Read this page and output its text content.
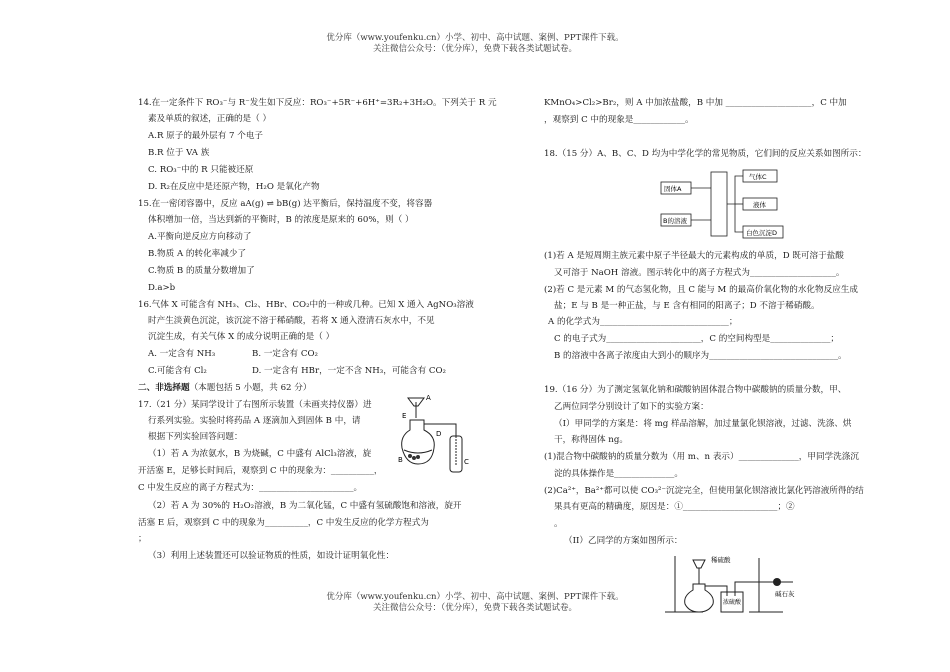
优分库（www.youfenku.cn）小学、初中、高中试题、案例、PPT课件下载。
关注微信公众号：（优分库），免费下载各类试题试卷。
优分库（www.youfenku.cn）小学、初中、高中试题、案例、PPT课件下载。
关注微信公众号：（优分库），免费下载各类试题试卷。
14.在一定条件下 RO₃⁻与 R⁻发生如下反应：RO₃⁻+5R⁻+6H⁺=3R₂+3H₂O。下列关于 R 元
素及单质的叙述，正确的是（ ）
A.R 原子的最外层有 7 个电子
B.R 位于 VA 族
C. RO₃⁻中的 R 只能被还原
D. R₂在反应中是还原产物，H₂O 是氧化产物
15.在一密闭容器中，反应 aA(g) ⇌ bB(g) 达平衡后，保持温度不变，将容器
体积增加一倍，当达到新的平衡时，B 的浓度是原来的 60%，则（ ）
A.平衡向逆反应方向移动了
B.物质 A 的转化率减少了
C.物质 B 的质量分数增加了
D.a>b
16.气体 X 可能含有 NH₃、Cl₂、HBr、CO₂中的一种或几种。已知 X 通入 AgNO₃溶液
时产生淡黄色沉淀，该沉淀不溶于稀硝酸，若将 X 通入澄清石灰水中，不见
沉淀生成，有关气体 X 的成分说明正确的是（ ）
A. 一定含有 NH₃	B. 一定含有 CO₂
C.可能含有 Cl₂	D. 一定含有 HBr，一定不含 NH₃，可能含有 CO₂
二、非选择题（本题包括 5 小题，共 62 分）
17.（21 分）某同学设计了右图所示装置（未画夹持仪器）进
行系列实验。实验时将药品 A 逐滴加入到固体 B 中，请
根据下列实验回答问题：
（1）若 A 为浓氨水，B 为烧碱，C 中盛有 AlCl₃溶液，旋
开活塞 E，足够长时间后，观察到 C 中的现象为：__________，
C 中发生反应的离子方程式为：______________________。
（2）若 A 为 30%的 H₂O₂溶液，B 为二氧化锰，C 中盛有氢硫酸饱和溶液，旋开
活塞 E 后，观察到 C 中的现象为__________，C 中发生反应的化学方程式为
；
（3）利用上述装置还可以验证物质的性质，如设计证明氧化性：
A
E
D
B	C
KMnO₄>Cl₂>Br₂，则 A 中加浓盐酸，B 中加 ____________________，C 中加
，观察到 C 中的现象是____________。
18.（15 分）A、B、C、D 均为中学化学的常见物质，它们间的反应关系如图所示：
固体A
B的溶液
气体C
液体
白色沉淀D
(1)若 A 是短周期主族元素中原子半径最大的元素构成的单质，D 既可溶于盐酸
又可溶于 NaOH 溶液。图示转化中的离子方程式为____________________。
(2)若 C 是元素 M 的气态氢化物，且 C 能与 M 的最高价氧化物的水化物反应生成
盐；E 与 B 是一种正盐，与 E 含有相同的阳离子；D 不溶于稀硝酸。
A 的化学式为______________________________；
C 的电子式为______________________，C 的空间构型是______________；
B 的溶液中各离子浓度由大到小的顺序为______________________________。
19.（16 分）为了测定氢氧化钠和碳酸钠固体混合物中碳酸钠的质量分数，甲、
乙两位同学分别设计了如下的实验方案：
（I）甲同学的方案是：将 mg 样品溶解，加过量氯化钡溶液，过滤、洗涤、烘
干，称得固体 ng。
(1)混合物中碳酸钠的质量分数为（用 m、n 表示）______________，甲同学洗涤沉
淀的具体操作是______________。
(2)Ca²⁺，Ba²⁺都可以使 CO₃²⁻沉淀完全，但使用氯化钡溶液比氯化钙溶液所得的结
果具有更高的精确度，原因是：①______________________；②
。
（II）乙同学的方案如图所示：
稀硫酸
浓硫酸
碱石灰
